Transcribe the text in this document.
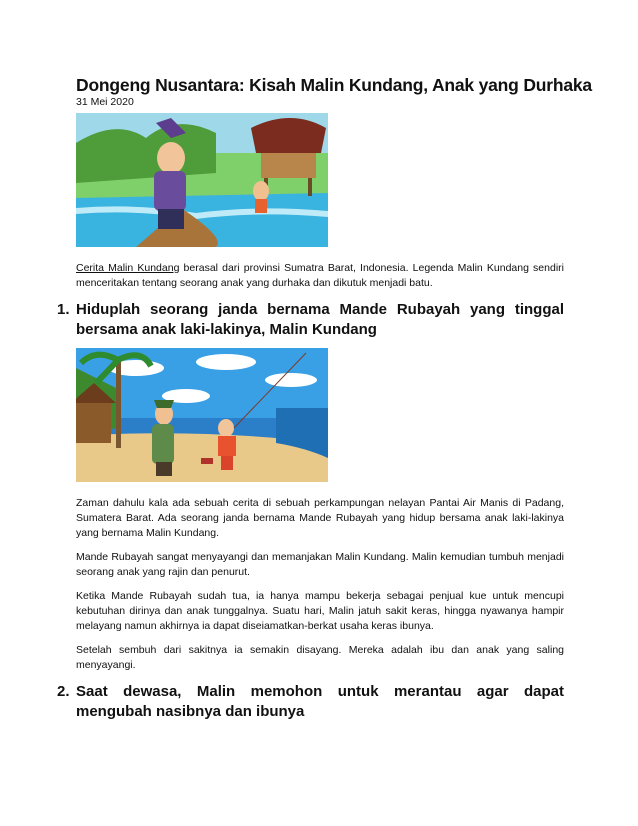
Dongeng Nusantara: Kisah Malin Kundang, Anak yang Durhaka
31 Mei 2020

Cerita Malin Kundang berasal dari provinsi Sumatra Barat, Indonesia. Legenda Malin Kundang sendiri menceritakan tentang seorang anak yang durhaka dan dikutuk menjadi batu.

1. Hiduplah seorang janda bernama Mande Rubayah yang tinggal bersama anak laki-lakinya, Malin Kundang

Zaman dahulu kala ada sebuah cerita di sebuah perkampungan nelayan Pantai Air Manis di Padang, Sumatera Barat. Ada seorang janda bernama Mande Rubayah yang hidup bersama anak laki-lakinya yang bernama Malin Kundang.

Mande Rubayah sangat menyayangi dan memanjakan Malin Kundang. Malin kemudian tumbuh menjadi seorang anak yang rajin dan penurut.

Ketika Mande Rubayah sudah tua, ia hanya mampu bekerja sebagai penjual kue untuk mencupi kebutuhan dirinya dan anak tunggalnya. Suatu hari, Malin jatuh sakit keras, hingga nyawanya hampir melayang namun akhirnya ia dapat diseiamatkan-berkat usaha keras ibunya.

Setelah sembuh dari sakitnya ia semakin disayang. Mereka adalah ibu dan anak yang saling menyayangi.

2. Saat dewasa, Malin memohon untuk merantau agar dapat mengubah nasibnya dan ibunya
